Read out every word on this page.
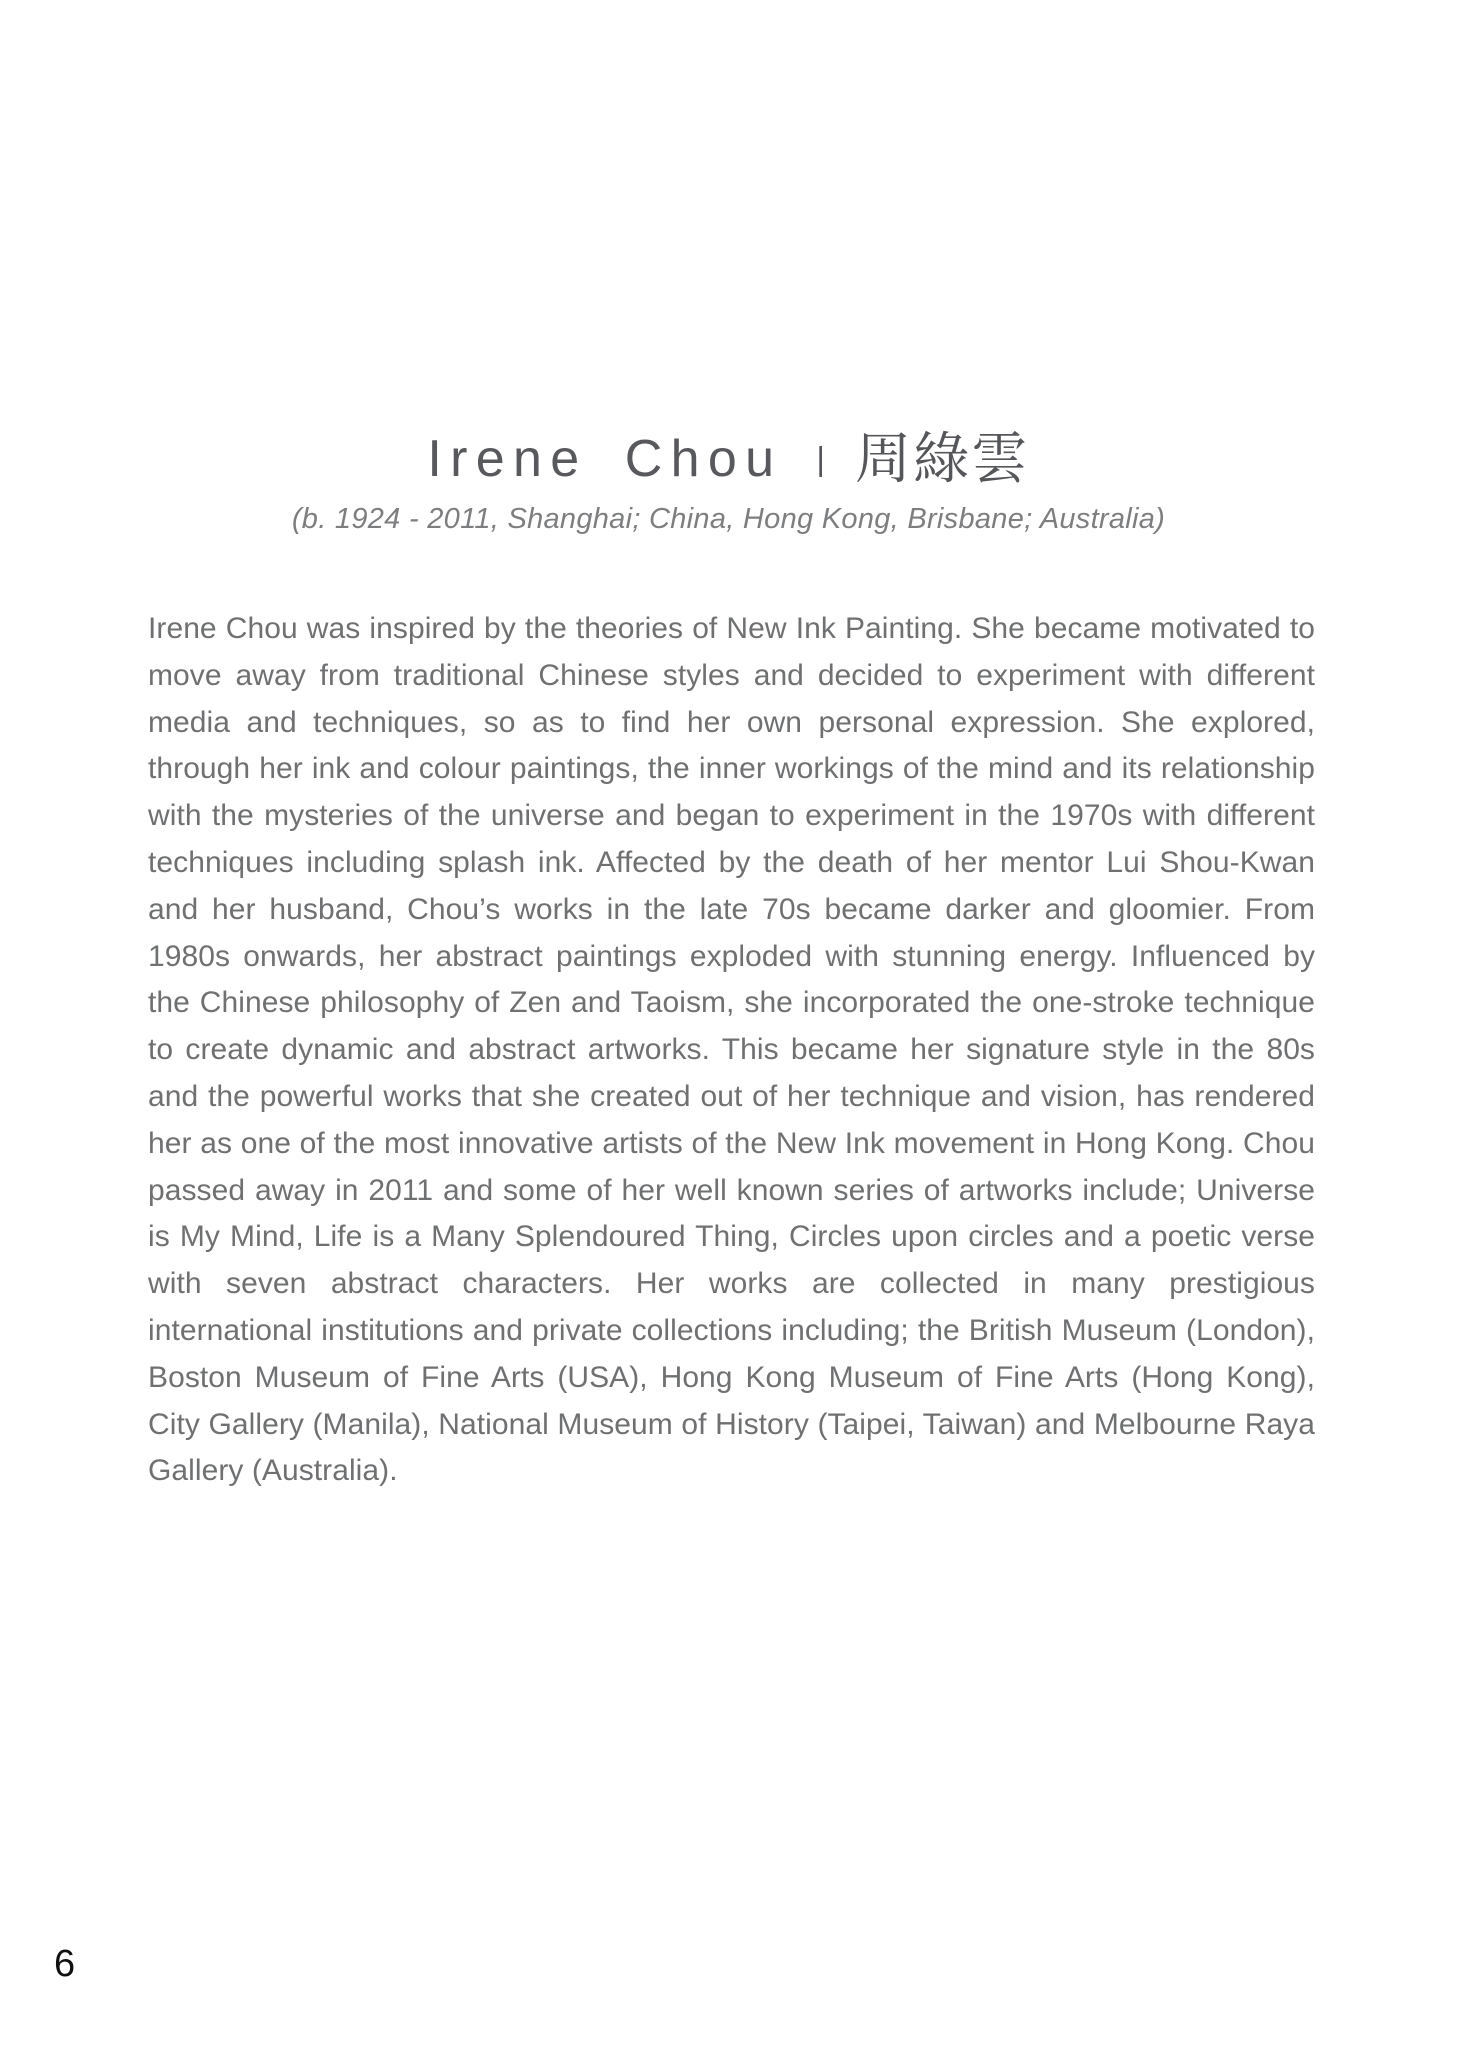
Irene Chou | 周綠雲

(b. 1924 - 2011, Shanghai; China, Hong Kong, Brisbane; Australia)

Irene Chou was inspired by the theories of New Ink Painting. She became motivated to move away from traditional Chinese styles and decided to experiment with different media and techniques, so as to find her own personal expression. She explored, through her ink and colour paintings, the inner workings of the mind and its relationship with the mysteries of the universe and began to experiment in the 1970s with different techniques including splash ink. Affected by the death of her mentor Lui Shou-Kwan and her husband, Chou’s works in the late 70s became darker and gloomier. From 1980s onwards, her abstract paintings exploded with stunning energy. Influenced by the Chinese philosophy of Zen and Taoism, she incorporated the one-stroke technique to create dynamic and abstract artworks. This became her signature style in the 80s and the powerful works that she created out of her technique and vision, has rendered her as one of the most innovative artists of the New Ink movement in Hong Kong. Chou passed away in 2011 and some of her well known series of artworks include; Universe is My Mind, Life is a Many Splendoured Thing, Circles upon circles and a poetic verse with seven abstract characters. Her works are collected in many prestigious international institutions and private collections including; the British Museum (London), Boston Museum of Fine Arts (USA), Hong Kong Museum of Fine Arts (Hong Kong), City Gallery (Manila), National Museum of History (Taipei, Taiwan) and Melbourne Raya Gallery (Australia).

6
